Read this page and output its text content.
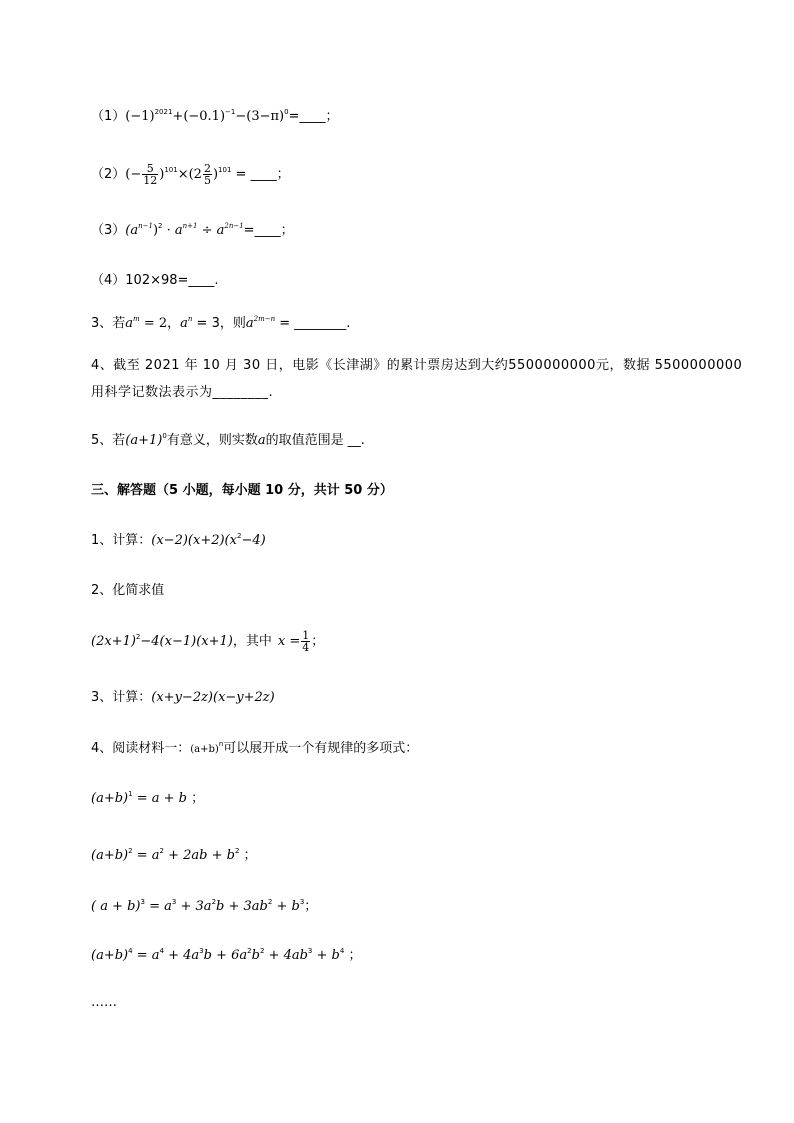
$(1)(-1)^{2021}+(-0.1)^{-1}-(3-\pi)^0=\_\_\_\_$；
$(2)(- \frac{5}{12} )^{101}\times(2 \frac{2}{5} )^{101}$ = ____；
$(3)(a^{n-1})^2 \cdot a^{n+1}$ ÷ $a^{2n-1}=\_\_\_\_$；
（4）102×98=____.
3、若$a^m = 2$，$a^n = 3$，则$a^{2m-n}$ = ________.
4、截至 2021 年 10 月 30 日，电影《长津湖》的累计票房达到大约5500000000元，数据 5500000000
用科学记数法表示为________.
5、若$(a+1)^0$有意义，则实数a的取值范围是 __.
三、解答题（5 小题，每小题 10 分，共计 50 分）
1、计算：$(x-2)(x+2)(x^2-4)$
2、化简求值
$(2x+1)^2-4(x-1)(x+1)$，其中 $x = \frac{1}{4}$ ；
3、计算：(x+y−2z)(x−y+2z)
4、阅读材料一：$(a+b)^n$可以展开成一个有规律的多项式：
$(a+b)^1 = a + b$ ；
$(a+b)^2 = a^2 + 2ab + b^2$ ；
( $a + b)^3 = a^3 + 3a^2b + 3ab^2 + b^3$；
$(a+b)^4 = a^4 + 4a^3b + 6a^2b^2 + 4ab^3 + b^4$ ；
……
